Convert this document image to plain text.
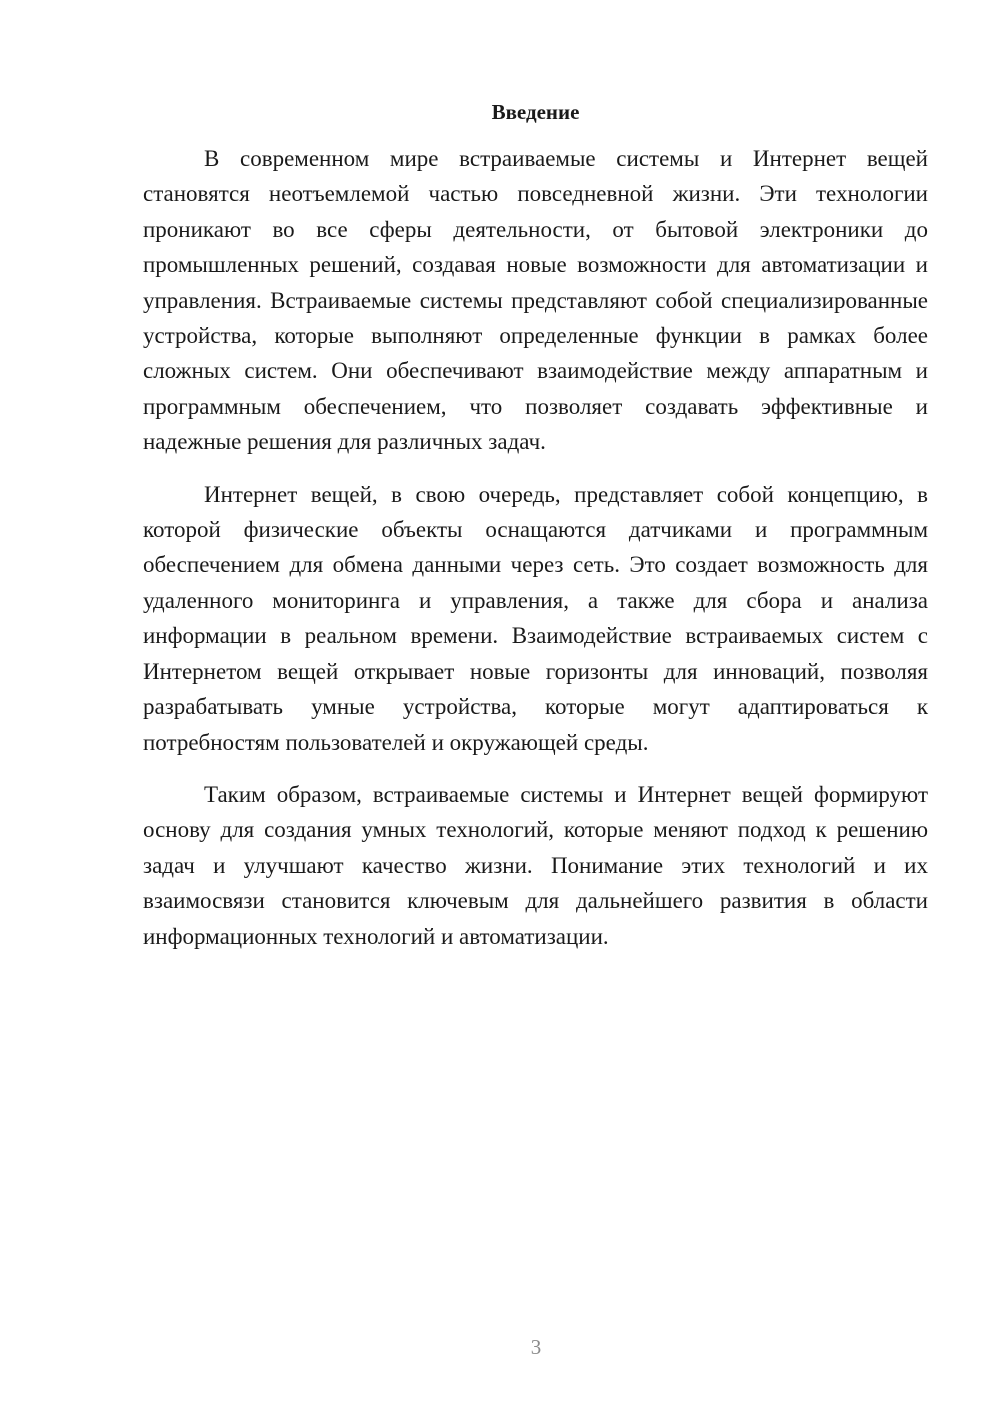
Введение

В современном мире встраиваемые системы и Интернет вещей становятся неотъемлемой частью повседневной жизни. Эти технологии проникают во все сферы деятельности, от бытовой электроники до промышленных решений, создавая новые возможности для автоматизации и управления. Встраиваемые системы представляют собой специализированные устройства, которые выполняют определенные функции в рамках более сложных систем. Они обеспечивают взаимодействие между аппаратным и программным обеспечением, что позволяет создавать эффективные и надежные решения для различных задач.

Интернет вещей, в свою очередь, представляет собой концепцию, в которой физические объекты оснащаются датчиками и программным обеспечением для обмена данными через сеть. Это создает возможность для удаленного мониторинга и управления, а также для сбора и анализа информации в реальном времени. Взаимодействие встраиваемых систем с Интернетом вещей открывает новые горизонты для инноваций, позволяя разрабатывать умные устройства, которые могут адаптироваться к потребностям пользователей и окружающей среды.

Таким образом, встраиваемые системы и Интернет вещей формируют основу для создания умных технологий, которые меняют подход к решению задач и улучшают качество жизни. Понимание этих технологий и их взаимосвязи становится ключевым для дальнейшего развития в области информационных технологий и автоматизации.

3
